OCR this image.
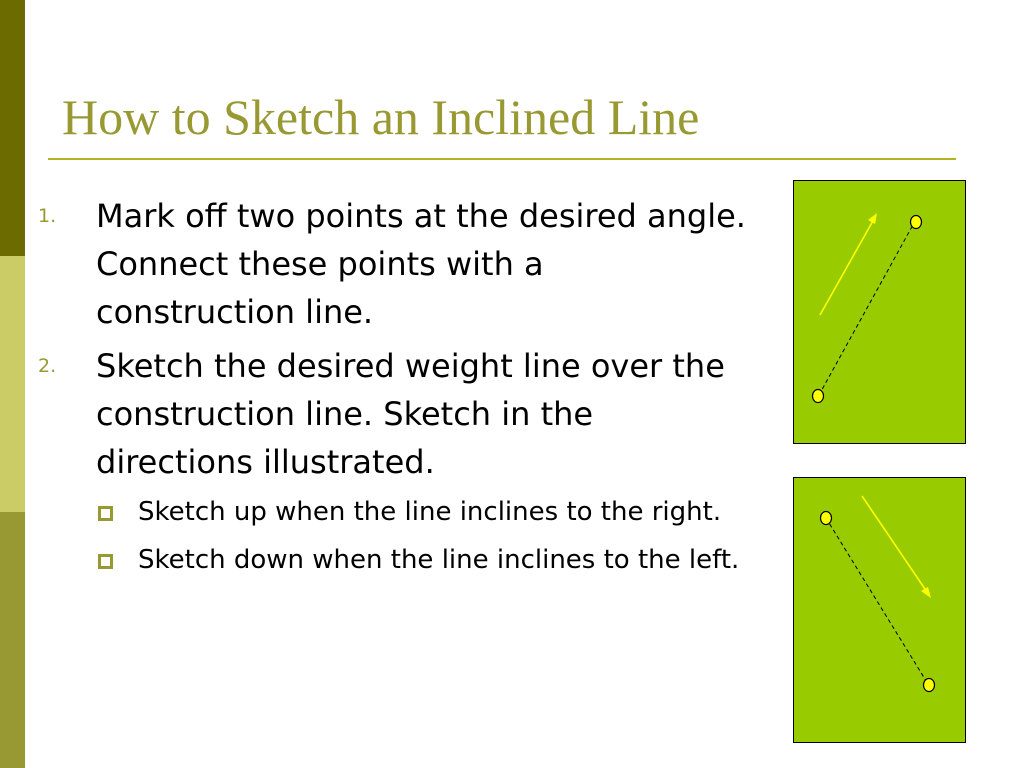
How to Sketch an Inclined Line
1. Mark off two points at the desired angle. Connect these points with a construction line.
2. Sketch the desired weight line over the construction line. Sketch in the directions illustrated.
Sketch up when the line inclines to the right.
Sketch down when the line inclines to the left.
